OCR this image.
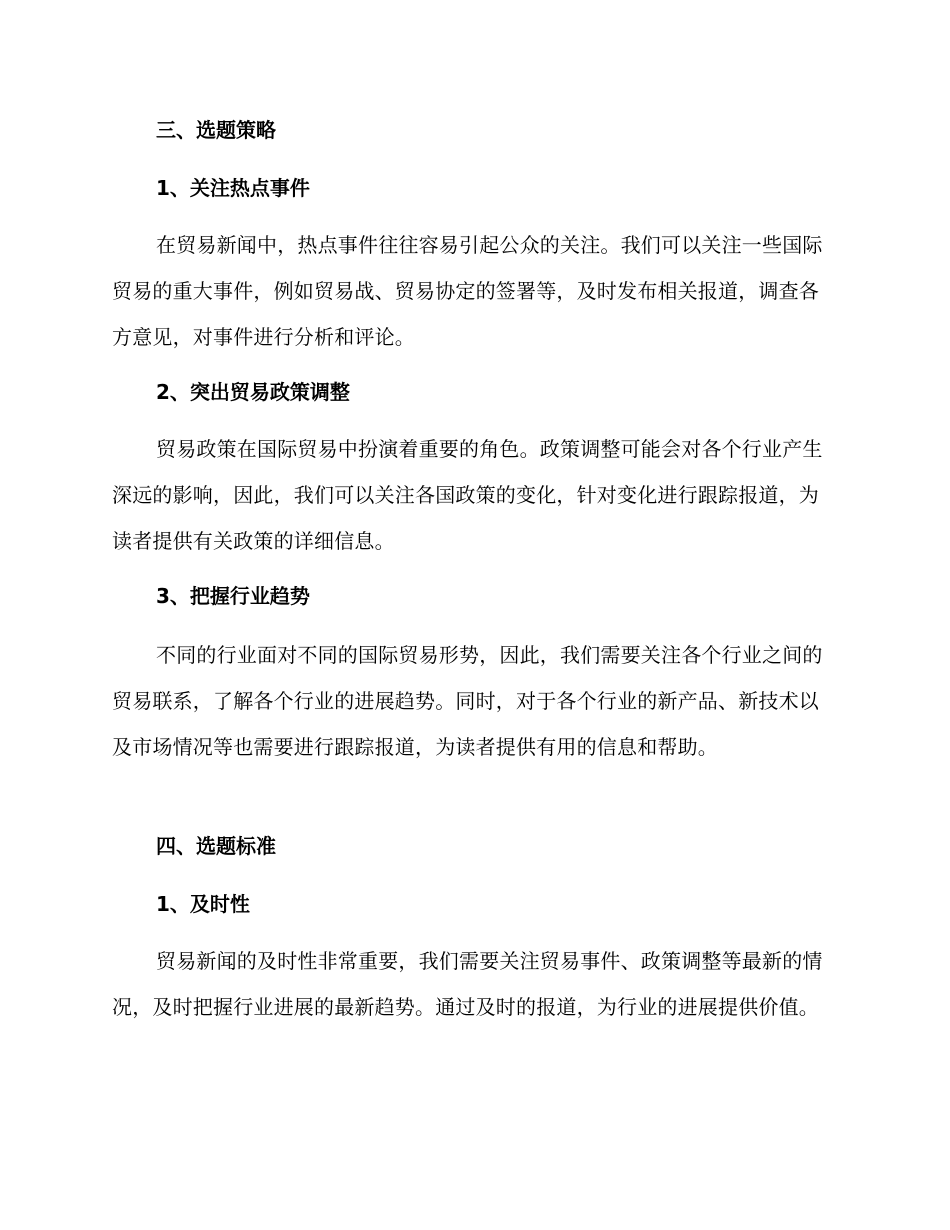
三、选题策略
1、关注热点事件

在贸易新闻中，热点事件往往容易引起公众的关注。我们可以关注一些国际贸易的重大事件，例如贸易战、贸易协定的签署等，及时发布相关报道，调查各方意见，对事件进行分析和评论。

2、突出贸易政策调整

贸易政策在国际贸易中扮演着重要的角色。政策调整可能会对各个行业产生深远的影响，因此，我们可以关注各国政策的变化，针对变化进行跟踪报道，为读者提供有关政策的详细信息。

3、把握行业趋势

不同的行业面对不同的国际贸易形势，因此，我们需要关注各个行业之间的贸易联系，了解各个行业的进展趋势。同时，对于各个行业的新产品、新技术以及市场情况等也需要进行跟踪报道，为读者提供有用的信息和帮助。

四、选题标准
1、及时性

贸易新闻的及时性非常重要，我们需要关注贸易事件、政策调整等最新的情况，及时把握行业进展的最新趋势。通过及时的报道，为行业的进展提供价值。
